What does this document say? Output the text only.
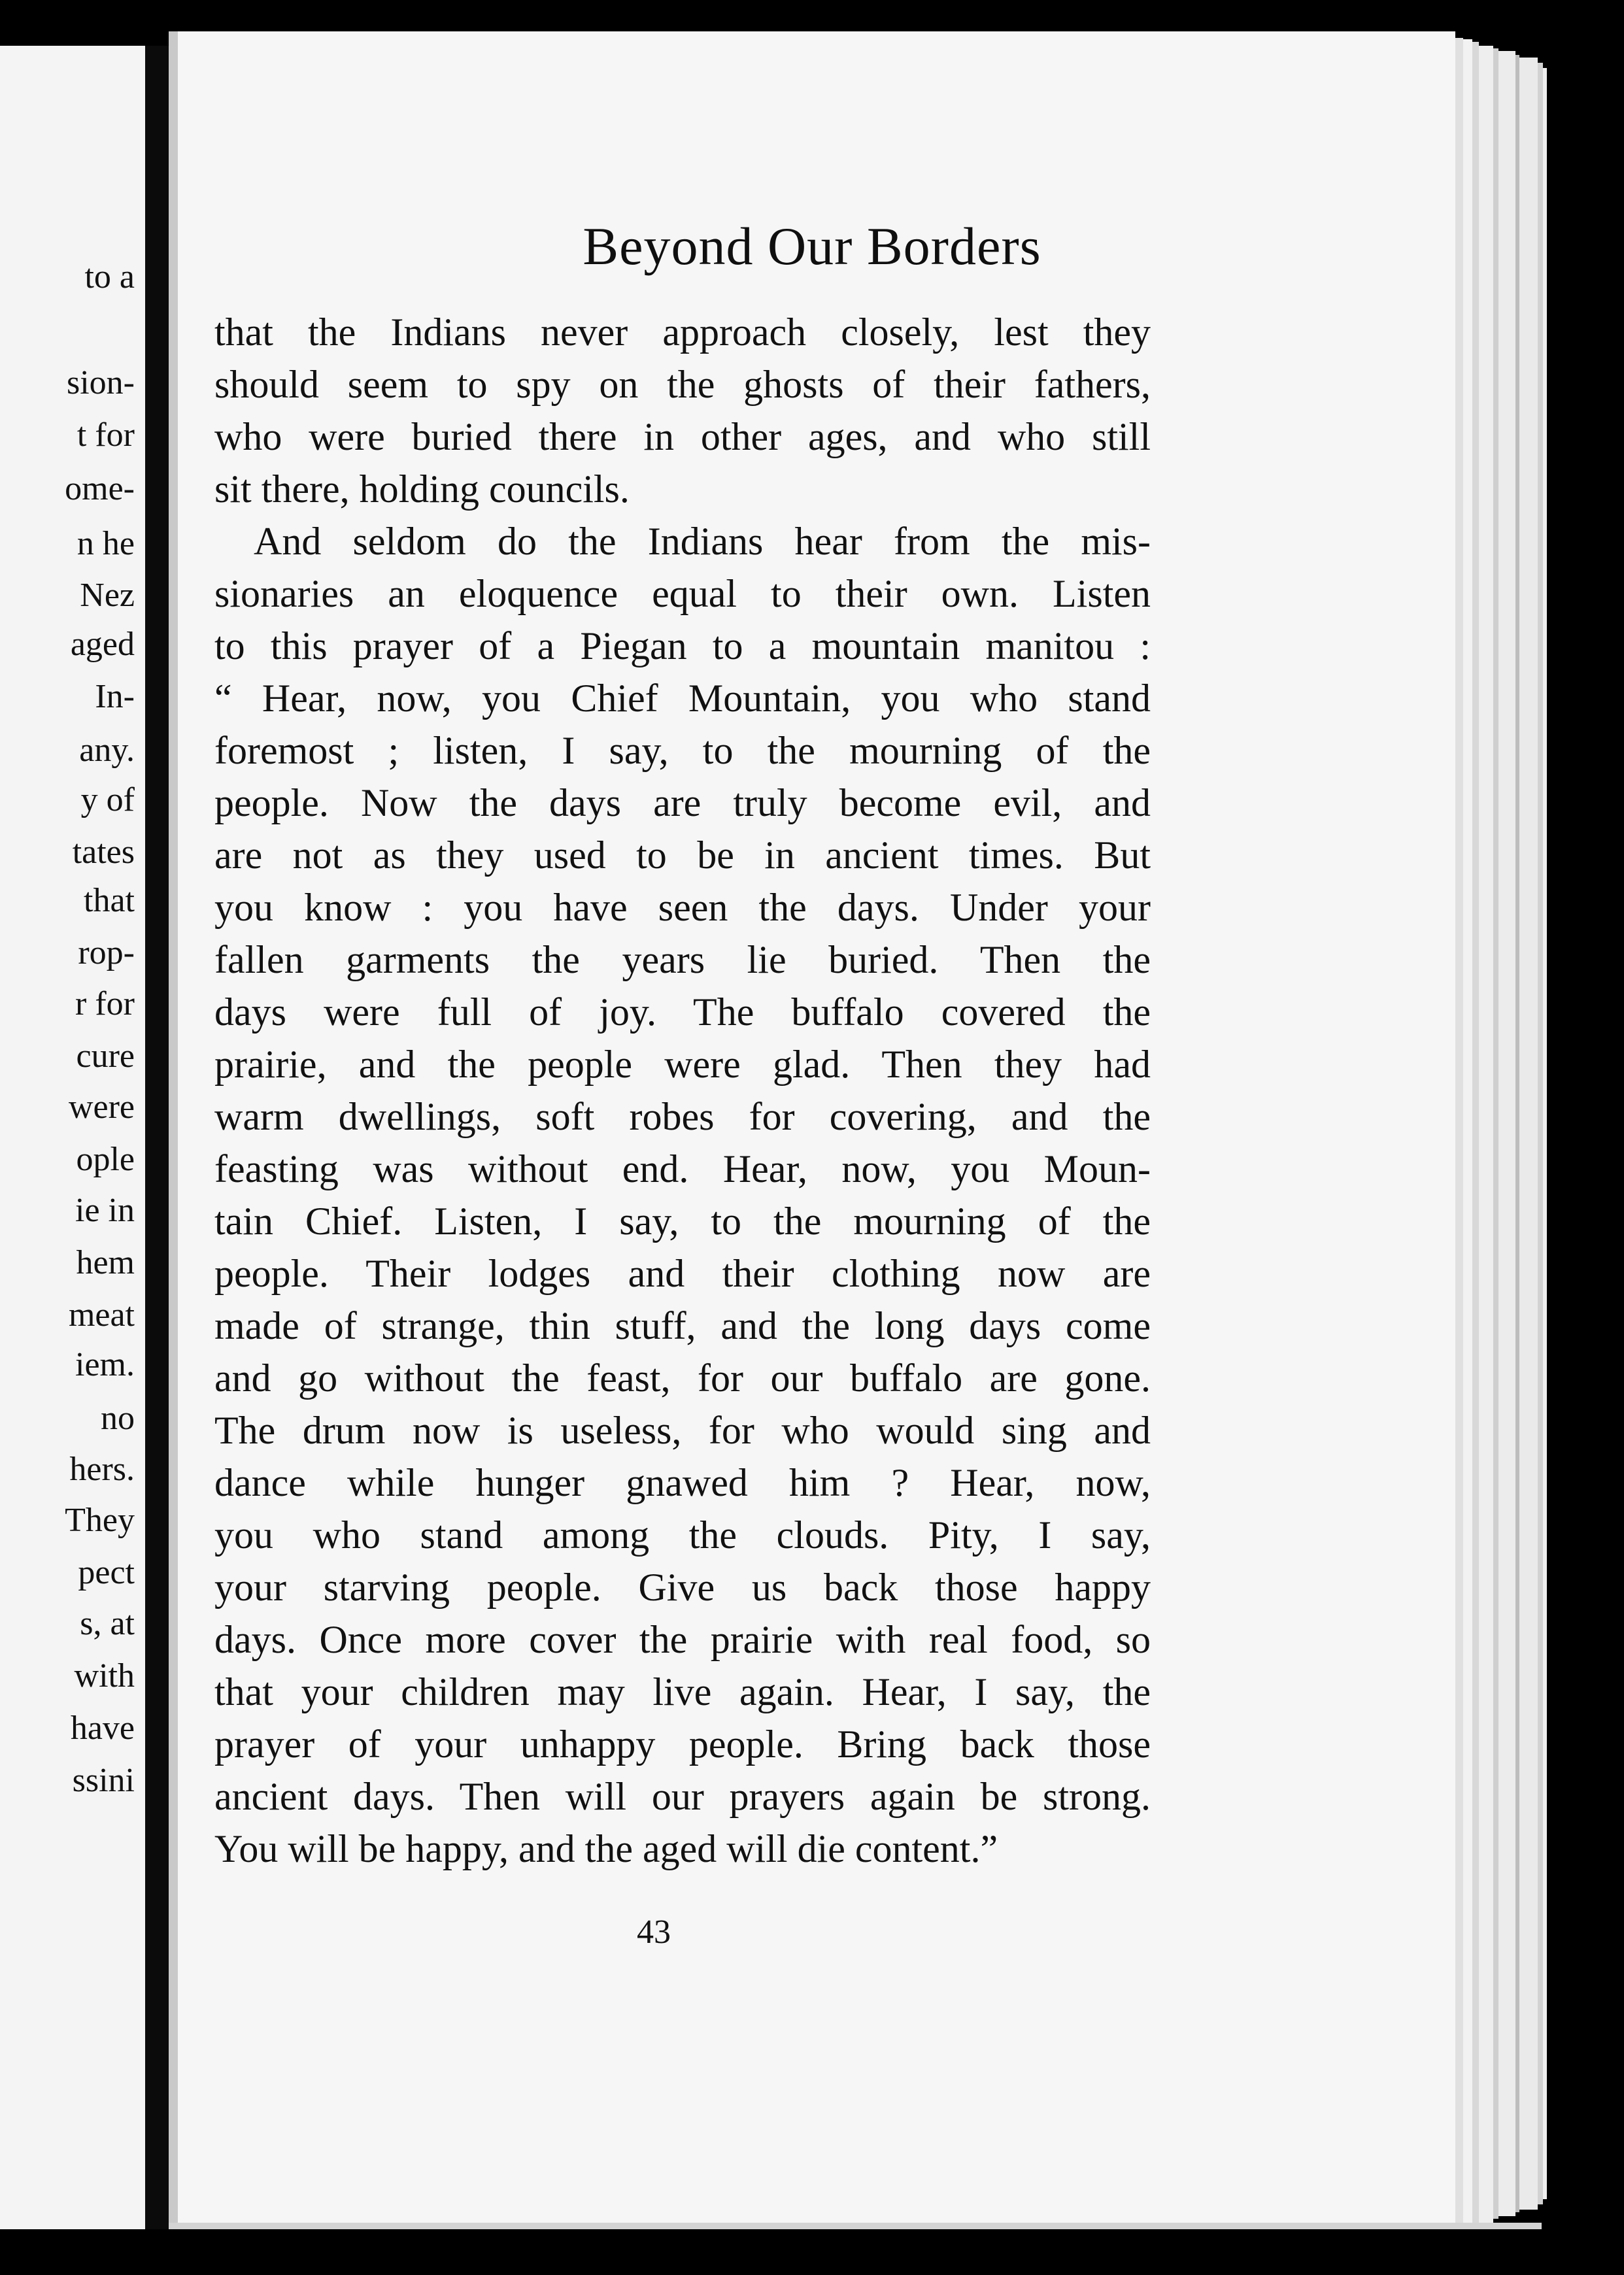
to a
sion-
t for
ome-
n he
Nez
aged
In-
any.
y of
tates
that
rop-
r for
cure
were
ople
ie in
hem
meat
iem.
no
hers.
They
pect
s, at
with
have
ssini
Beyond Our Borders
that the Indians never approach closely, lest they
should seem to spy on the ghosts of their fathers,
who were buried there in other ages, and who still
sit there, holding councils.
And seldom do the Indians hear from the mis-
sionaries an eloquence equal to their own. Listen
to this prayer of a Piegan to a mountain manitou :
“ Hear, now, you Chief Mountain, you who stand
foremost ; listen, I say, to the mourning of the
people. Now the days are truly become evil, and
are not as they used to be in ancient times. But
you know : you have seen the days. Under your
fallen garments the years lie buried. Then the
days were full of joy. The buffalo covered the
prairie, and the people were glad. Then they had
warm dwellings, soft robes for covering, and the
feasting was without end. Hear, now, you Moun-
tain Chief. Listen, I say, to the mourning of the
people. Their lodges and their clothing now are
made of strange, thin stuff, and the long days come
and go without the feast, for our buffalo are gone.
The drum now is useless, for who would sing and
dance while hunger gnawed him ? Hear, now,
you who stand among the clouds. Pity, I say,
your starving people. Give us back those happy
days. Once more cover the prairie with real food, so
that your children may live again. Hear, I say, the
prayer of your unhappy people. Bring back those
ancient days. Then will our prayers again be strong.
You will be happy, and the aged will die content.”
43
